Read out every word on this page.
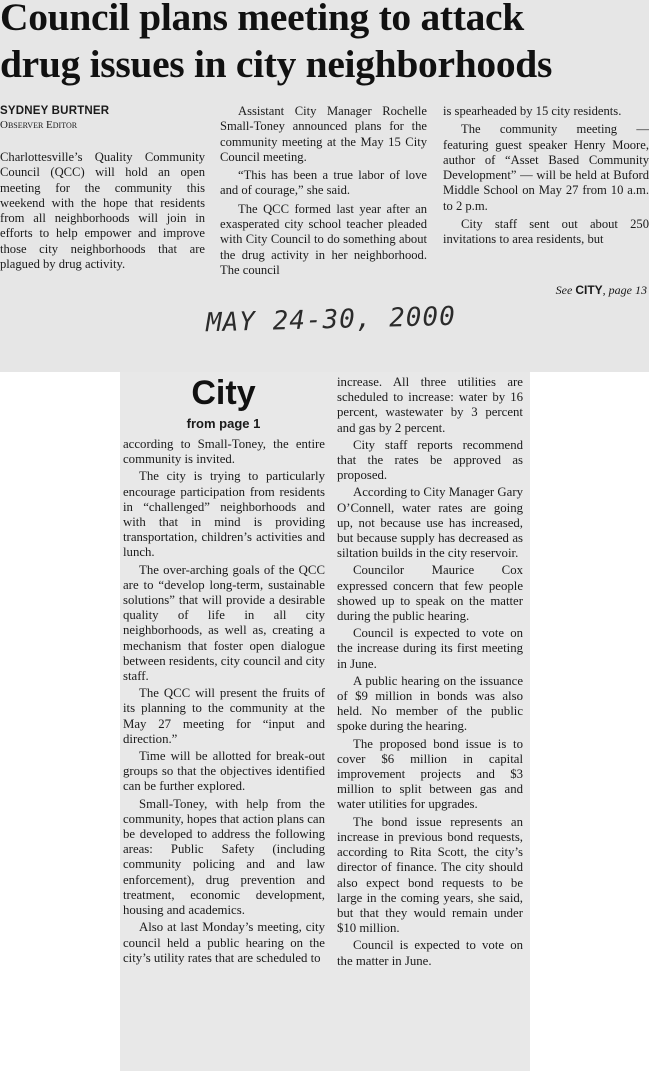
Council plans meeting to attack
drug issues in city neighborhoods
SYDNEY BURTNER
Observer Editor

Charlottesville’s Quality Community Council (QCC) will hold an open meeting for the community this weekend with the hope that residents from all neighborhoods will join in efforts to help empower and improve those city neighborhoods that are plagued by drug activity.

Assistant City Manager Rochelle Small-Toney announced plans for the community meeting at the May 15 City Council meeting.

“This has been a true labor of love and of courage,” she said.

The QCC formed last year after an exasperated city school teacher pleaded with City Council to do something about the drug activity in her neighborhood. The council

is spearheaded by 15 city residents.

The community meeting — featuring guest speaker Henry Moore, author of “Asset Based Community Development” — will be held at Buford Middle School on May 27 from 10 a.m. to 2 p.m.

City staff sent out about 250 invitations to area residents, but

See CITY, page 13
MAY 24-30, 2000
City
from page 1

according to Small-Toney, the entire community is invited.

The city is trying to particularly encourage participation from residents in “challenged” neighborhoods and with that in mind is providing transportation, children’s activities and lunch.

The over-arching goals of the QCC are to “develop long-term, sustainable solutions” that will provide a desirable quality of life in all city neighborhoods, as well as, creating a mechanism that foster open dialogue between residents, city council and city staff.

The QCC will present the fruits of its planning to the community at the May 27 meeting for “input and direction.”

Time will be allotted for break-out groups so that the objectives identified can be further explored.

Small-Toney, with help from the community, hopes that action plans can be developed to address the following areas: Public Safety (including community policing and and law enforcement), drug prevention and treatment, economic development, housing and academics.

Also at last Monday’s meeting, city council held a public hearing on the city’s utility rates that are scheduled to

increase. All three utilities are scheduled to increase: water by 16 percent, wastewater by 3 percent and gas by 2 percent.

City staff reports recommend that the rates be approved as proposed.

According to City Manager Gary O’Connell, water rates are going up, not because use has increased, but because supply has decreased as siltation builds in the city reservoir.

Councilor Maurice Cox expressed concern that few people showed up to speak on the matter during the public hearing.

Council is expected to vote on the increase during its first meeting in June.

A public hearing on the issuance of $9 million in bonds was also held. No member of the public spoke during the hearing.

The proposed bond issue is to cover $6 million in capital improvement projects and $3 million to split between gas and water utilities for upgrades.

The bond issue represents an increase in previous bond requests, according to Rita Scott, the city’s director of finance. The city should also expect bond requests to be large in the coming years, she said, but that they would remain under $10 million.

Council is expected to vote on the matter in June.
